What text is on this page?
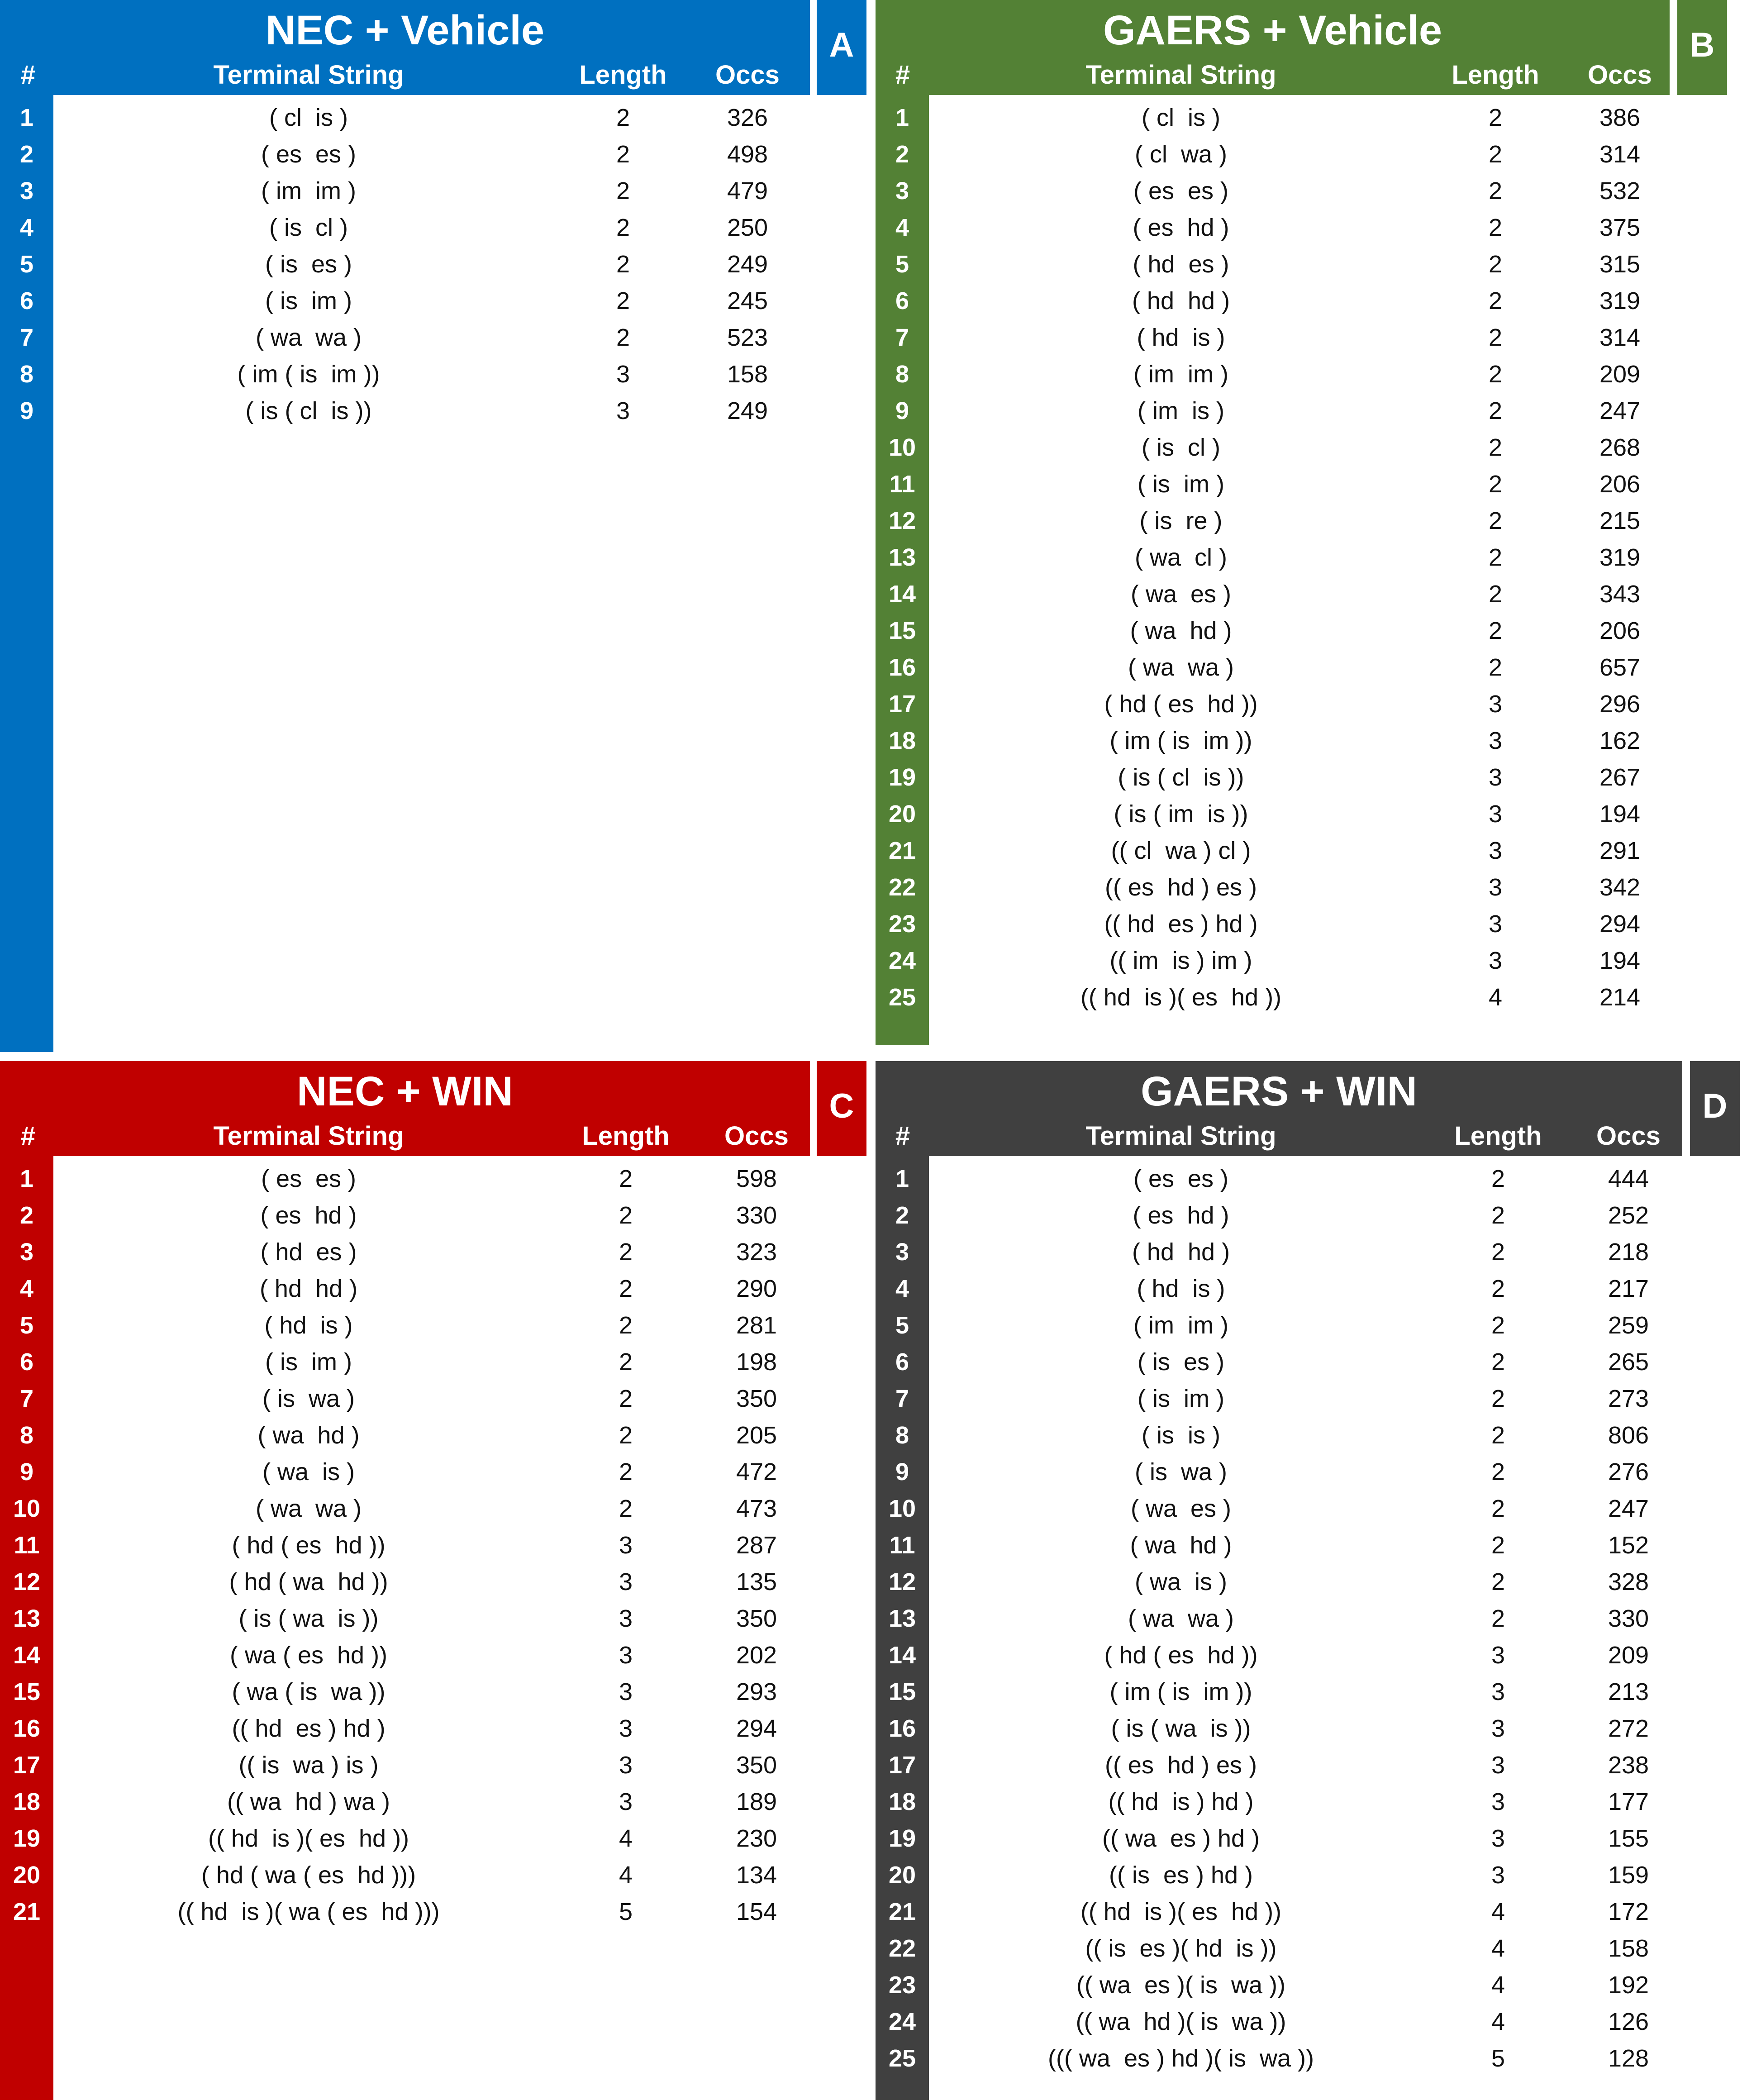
NEC + Vehicle
#	Terminal String	Length Occs
A
1	( cl  is )	2	326
2	( es  es )	2	498
3	( im  im )	2	479
4	( is  cl )	2	250
5	( is  es )	2	249
6	( is  im )	2	245
7	( wa  wa )	2	523
8	( im ( is  im ))	3	158
9	( is ( cl  is ))	3	249
GAERS + Vehicle
#	Terminal String	Length Occs
B
1	( cl  is )	2	386
2	( cl  wa )	2	314
3	( es  es )	2	532
4	( es  hd )	2	375
5	( hd  es )	2	315
6	( hd  hd )	2	319
7	( hd  is )	2	314
8	( im  im )	2	209
9	( im  is )	2	247
10	( is  cl )	2	268
11	( is  im )	2	206
12	( is  re )	2	215
13	( wa  cl )	2	319
14	( wa  es )	2	343
15	( wa  hd )	2	206
16	( wa  wa )	2	657
17	( hd ( es  hd ))	3	296
18	( im ( is  im ))	3	162
19	( is ( cl  is ))	3	267
20	( is ( im  is ))	3	194
21	(( cl  wa ) cl )	3	291
22	(( es  hd ) es )	3	342
23	(( hd  es ) hd )	3	294
24	(( im  is ) im )	3	194
25	(( hd  is )( es  hd ))	4	214
NEC + WIN
#	Terminal String	Length Occs
C
1	( es  es )	2	598
2	( es  hd )	2	330
3	( hd  es )	2	323
4	( hd  hd )	2	290
5	( hd  is )	2	281
6	( is  im )	2	198
7	( is  wa )	2	350
8	( wa  hd )	2	205
9	( wa  is )	2	472
10	( wa  wa )	2	473
11	( hd ( es  hd ))	3	287
12	( hd ( wa  hd ))	3	135
13	( is ( wa  is ))	3	350
14	( wa ( es  hd ))	3	202
15	( wa ( is  wa ))	3	293
16	(( hd  es ) hd )	3	294
17	(( is  wa ) is )	3	350
18	(( wa  hd ) wa )	3	189
19	(( hd  is )( es  hd ))	4	230
20	( hd ( wa ( es  hd )))	4	134
21	(( hd  is )( wa ( es  hd )))	5	154
GAERS + WIN
#	Terminal String	Length Occs
D
1	( es  es )	2	444
2	( es  hd )	2	252
3	( hd  hd )	2	218
4	( hd  is )	2	217
5	( im  im )	2	259
6	( is  es )	2	265
7	( is  im )	2	273
8	( is  is )	2	806
9	( is  wa )	2	276
10	( wa  es )	2	247
11	( wa  hd )	2	152
12	( wa  is )	2	328
13	( wa  wa )	2	330
14	( hd ( es  hd ))	3	209
15	( im ( is  im ))	3	213
16	( is ( wa  is ))	3	272
17	(( es  hd ) es )	3	238
18	(( hd  is ) hd )	3	177
19	(( wa  es ) hd )	3	155
20	(( is  es ) hd )	3	159
21	(( hd  is )( es  hd ))	4	172
22	(( is  es )( hd  is ))	4	158
23	(( wa  es )( is  wa ))	4	192
24	(( wa  hd )( is  wa ))	4	126
25	((( wa  es ) hd )( is  wa ))	5	128
